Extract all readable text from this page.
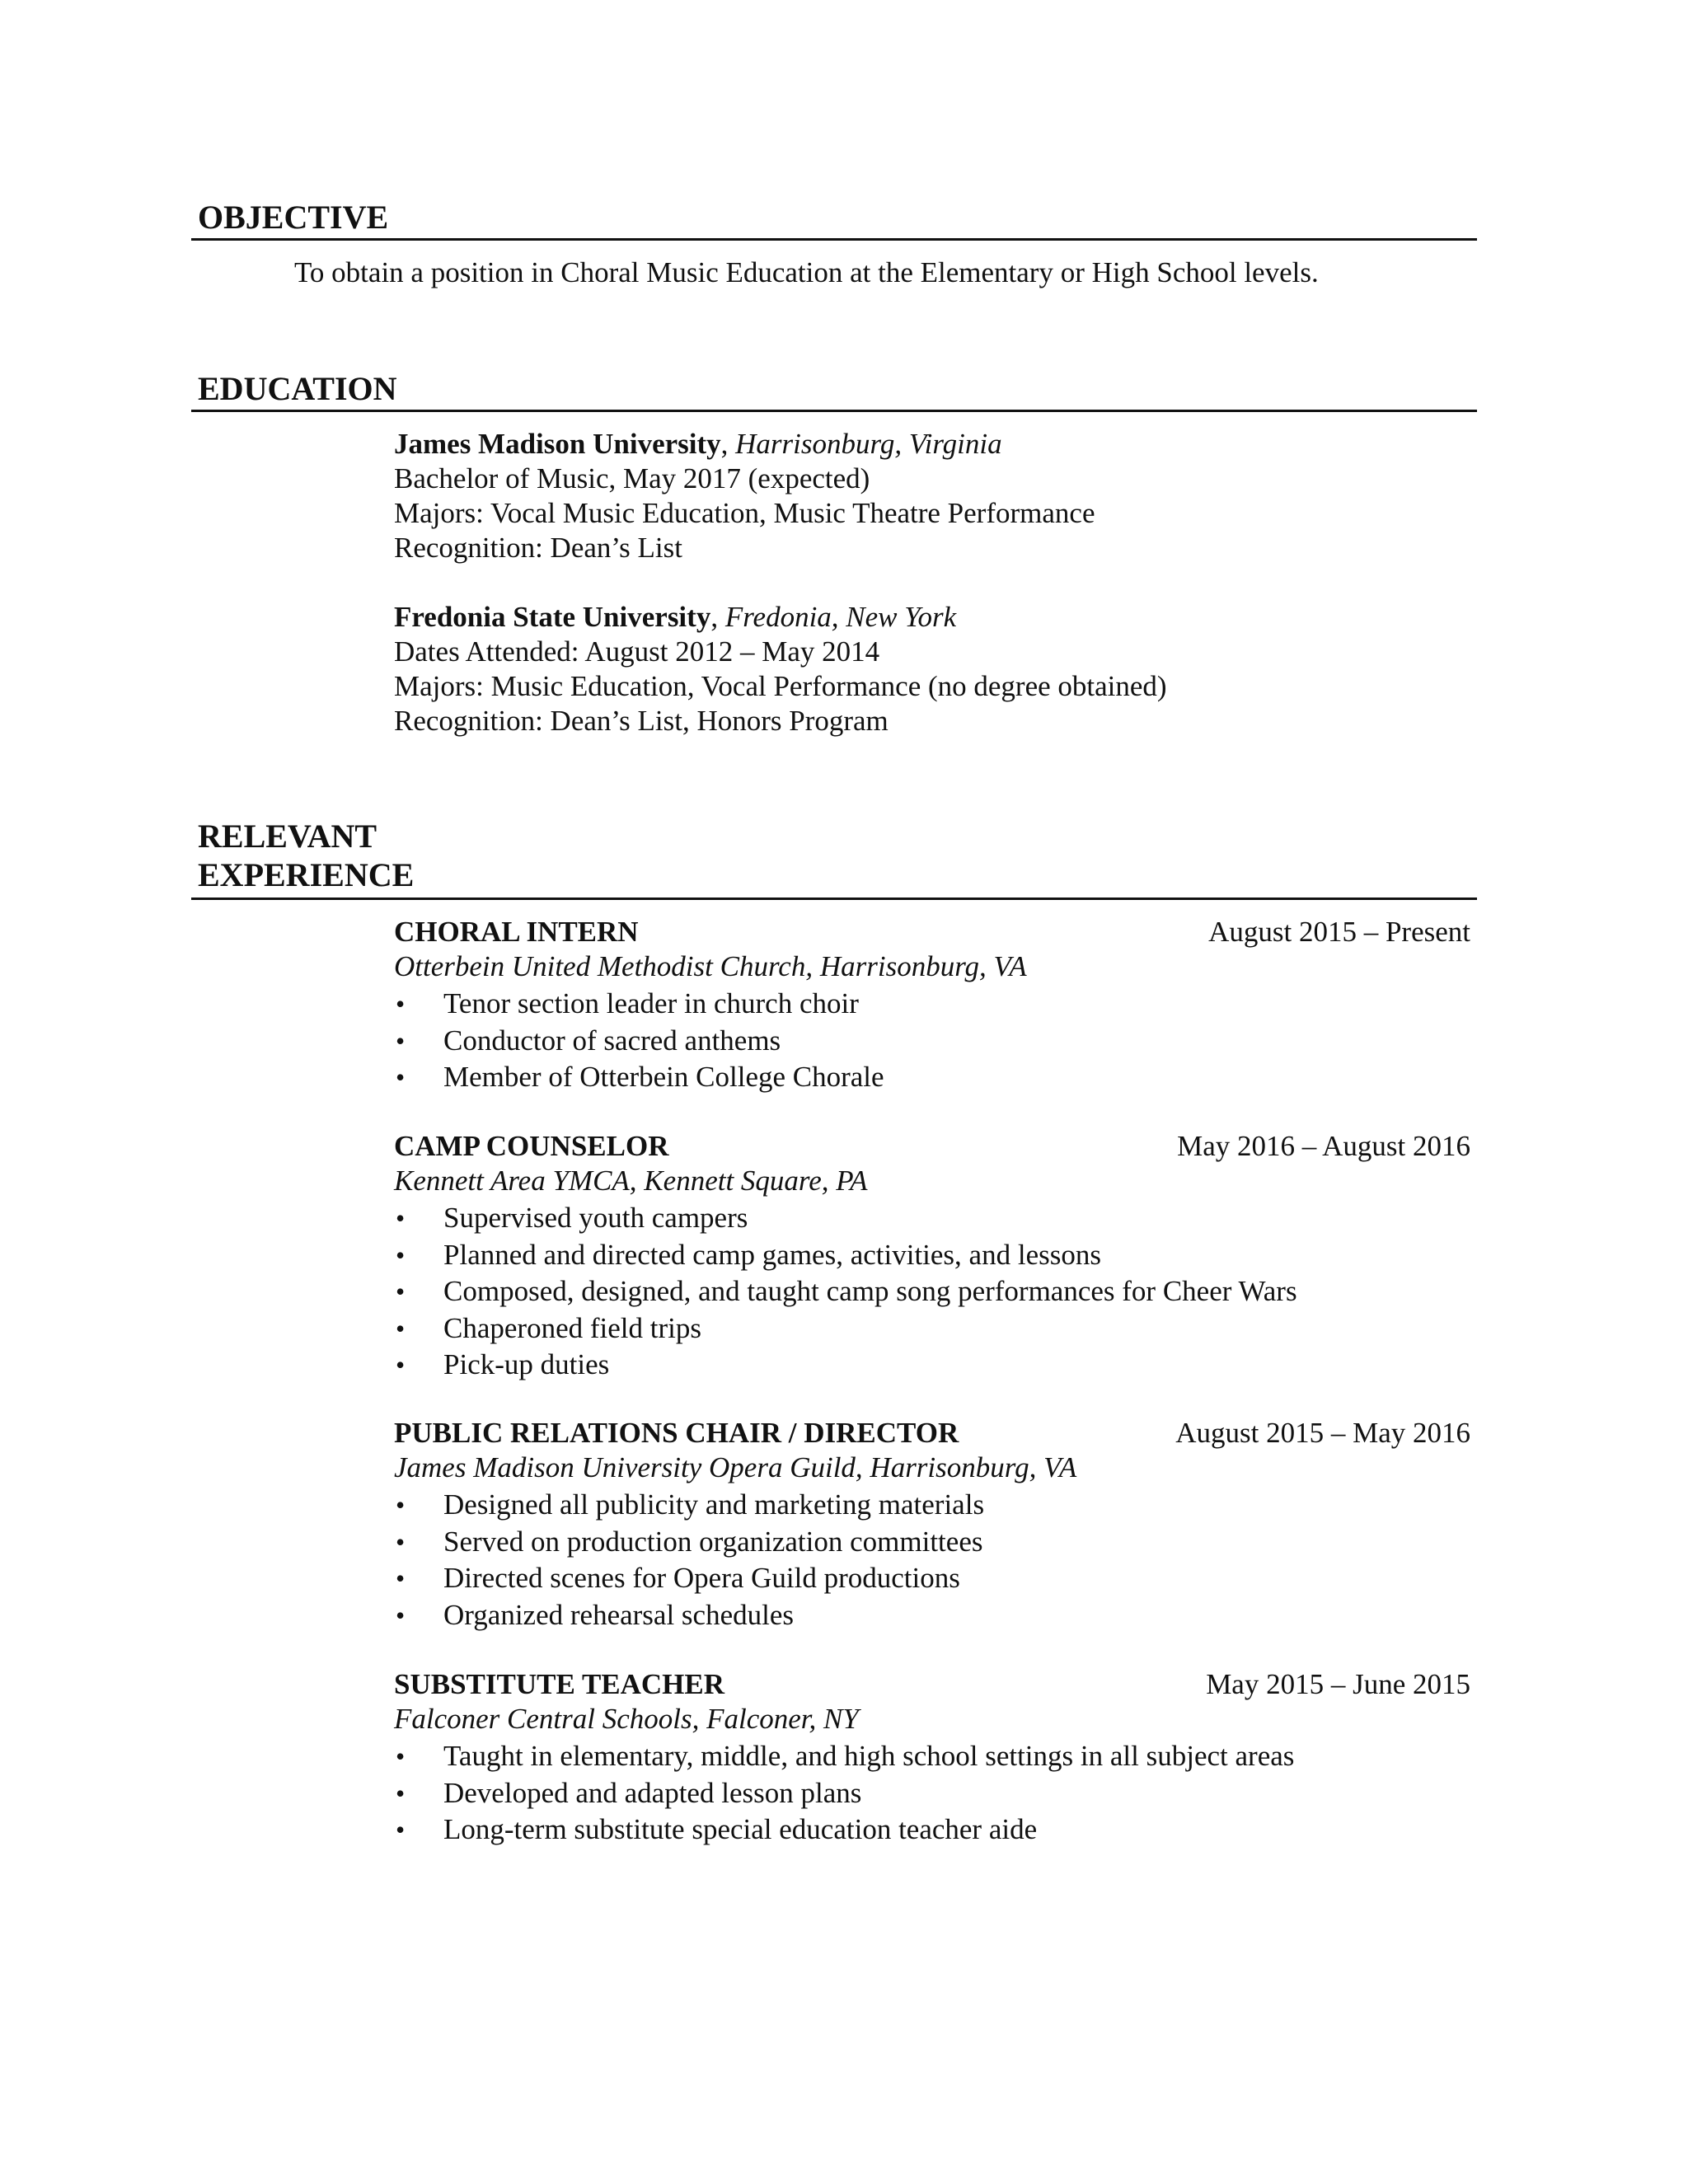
OBJECTIVE
To obtain a position in Choral Music Education at the Elementary or High School levels.
EDUCATION
James Madison University, Harrisonburg, Virginia
Bachelor of Music, May 2017 (expected)
Majors: Vocal Music Education, Music Theatre Performance
Recognition: Dean’s List
Fredonia State University, Fredonia, New York
Dates Attended: August 2012 – May 2014
Majors: Music Education, Vocal Performance (no degree obtained)
Recognition: Dean’s List, Honors Program
RELEVANT
EXPERIENCE
CHORAL INTERN	August 2015 – Present
Otterbein United Methodist Church, Harrisonburg, VA
• Tenor section leader in church choir
• Conductor of sacred anthems
• Member of Otterbein College Chorale
CAMP COUNSELOR	May 2016 – August 2016
Kennett Area YMCA, Kennett Square, PA
• Supervised youth campers
• Planned and directed camp games, activities, and lessons
• Composed, designed, and taught camp song performances for Cheer Wars
• Chaperoned field trips
• Pick-up duties
PUBLIC RELATIONS CHAIR / DIRECTOR	August 2015 – May 2016
James Madison University Opera Guild, Harrisonburg, VA
• Designed all publicity and marketing materials
• Served on production organization committees
• Directed scenes for Opera Guild productions
• Organized rehearsal schedules
SUBSTITUTE TEACHER	May 2015 – June 2015
Falconer Central Schools, Falconer, NY
• Taught in elementary, middle, and high school settings in all subject areas
• Developed and adapted lesson plans
• Long-term substitute special education teacher aide
